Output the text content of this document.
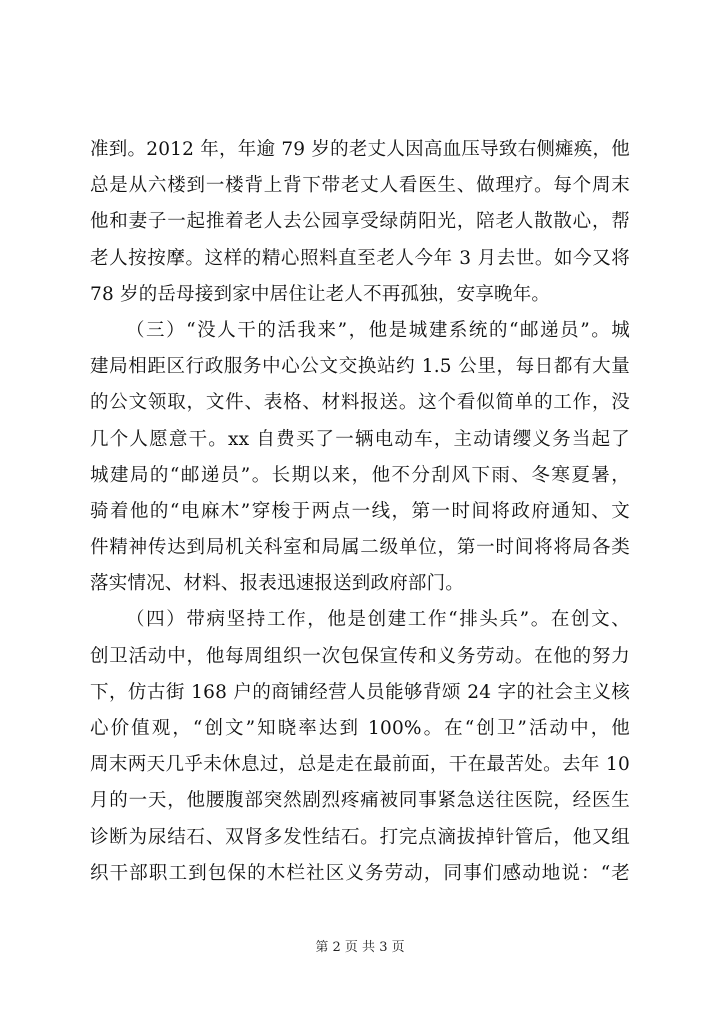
准到。2012 年，年逾 79 岁的老丈人因高血压导致右侧瘫痪，他
总是从六楼到一楼背上背下带老丈人看医生、做理疗。每个周末
他和妻子一起推着老人去公园享受绿荫阳光，陪老人散散心，帮
老人按按摩。这样的精心照料直至老人今年 3 月去世。如今又将
78 岁的岳母接到家中居住让老人不再孤独，安享晚年。
（三）“没人干的活我来”，他是城建系统的“邮递员”。城
建局相距区行政服务中心公文交换站约 1.5 公里，每日都有大量
的公文领取，文件、表格、材料报送。这个看似简单的工作，没
几个人愿意干。xx 自费买了一辆电动车，主动请缨义务当起了
城建局的“邮递员”。长期以来，他不分刮风下雨、冬寒夏暑，
骑着他的“电麻木”穿梭于两点一线，第一时间将政府通知、文
件精神传达到局机关科室和局属二级单位，第一时间将将局各类
落实情况、材料、报表迅速报送到政府部门。
（四）带病坚持工作，他是创建工作“排头兵”。在创文、
创卫活动中，他每周组织一次包保宣传和义务劳动。在他的努力
下，仿古街 168 户的商铺经营人员能够背颂 24 字的社会主义核
心价值观，“创文”知晓率达到 100%。在“创卫”活动中，他
周末两天几乎未休息过，总是走在最前面，干在最苦处。去年 10
月的一天，他腰腹部突然剧烈疼痛被同事紧急送往医院，经医生
诊断为尿结石、双肾多发性结石。打完点滴拔掉针管后，他又组
织干部职工到包保的木栏社区义务劳动，同事们感动地说：“老
第 2 页 共 3 页
